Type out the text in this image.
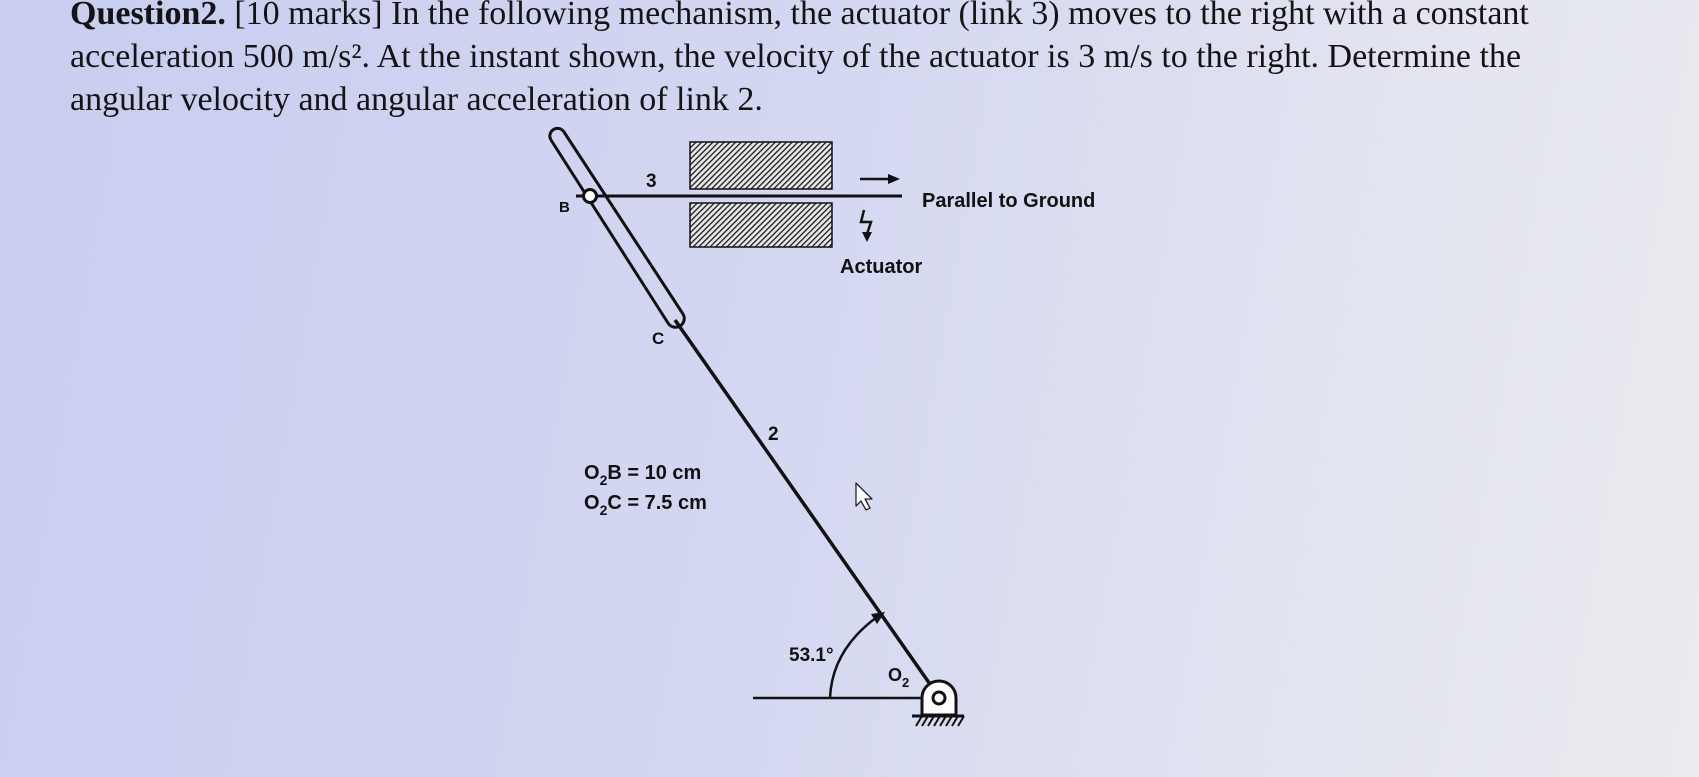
Question2. [10 marks] In the following mechanism, the actuator (link 3) moves to the right with a constant acceleration 500 m/s². At the instant shown, the velocity of the actuator is 3 m/s to the right. Determine the angular velocity and angular acceleration of link 2.

3
B
C
2
Parallel to Ground
Actuator
53.1°
$O_2$
$O_2B = 10$ cm
$O_2C = 7.5$ cm
